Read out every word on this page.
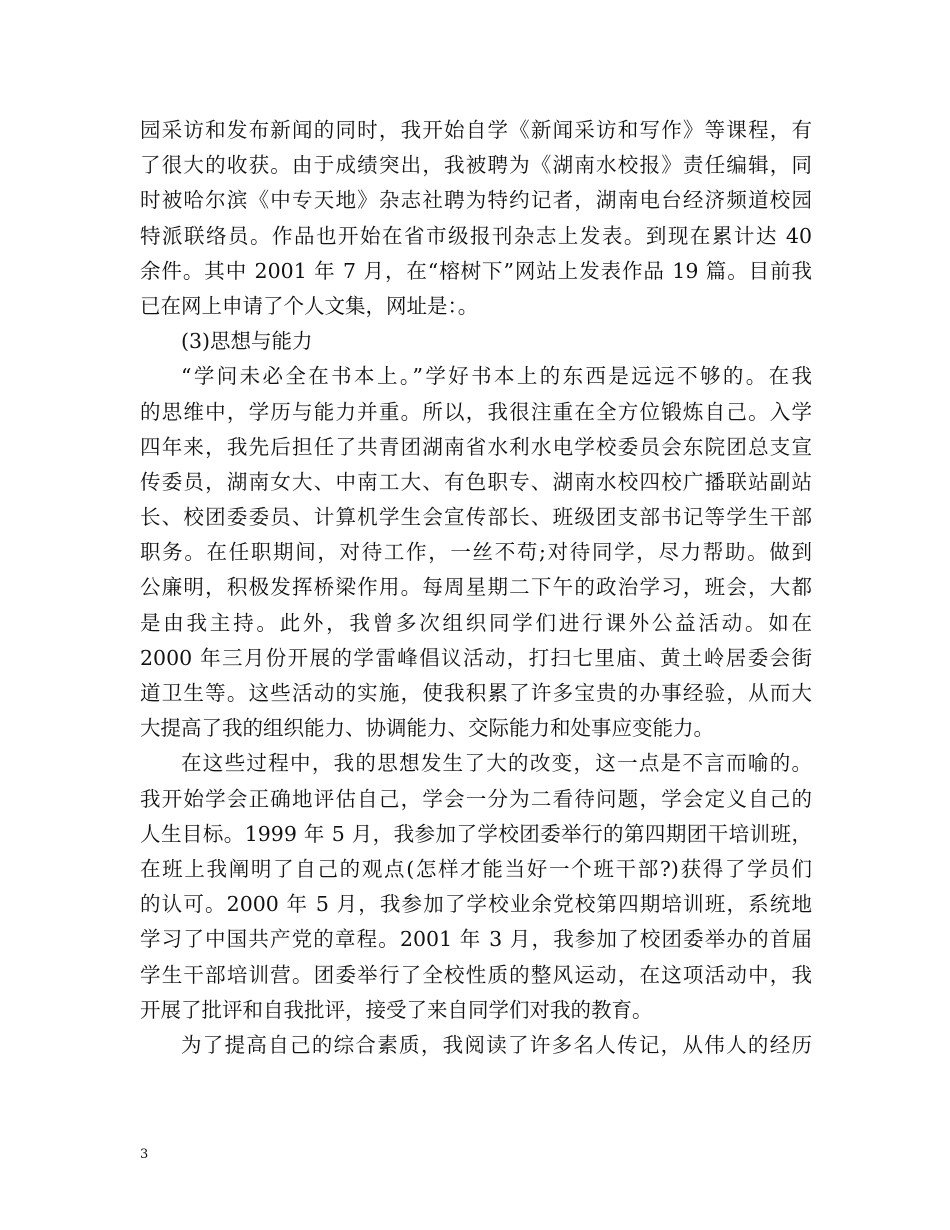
园采访和发布新闻的同时，我开始自学《新闻采访和写作》等课程，有
了很大的收获。由于成绩突出，我被聘为《湖南水校报》责任编辑，同
时被哈尔滨《中专天地》杂志社聘为特约记者，湖南电台经济频道校园
特派联络员。作品也开始在省市级报刊杂志上发表。到现在累计达 40
余件。其中 2001 年 7 月，在“榕树下”网站上发表作品 19 篇。目前我
已在网上申请了个人文集，网址是：。
(3)思想与能力
“学问未必全在书本上。”学好书本上的东西是远远不够的。在我
的思维中，学历与能力并重。所以，我很注重在全方位锻炼自己。入学
四年来，我先后担任了共青团湖南省水利水电学校委员会东院团总支宣
传委员，湖南女大、中南工大、有色职专、湖南水校四校广播联站副站
长、校团委委员、计算机学生会宣传部长、班级团支部书记等学生干部
职务。在任职期间，对待工作，一丝不苟;对待同学，尽力帮助。做到
公廉明，积极发挥桥梁作用。每周星期二下午的政治学习，班会，大都
是由我主持。此外，我曾多次组织同学们进行课外公益活动。如在
2000 年三月份开展的学雷峰倡议活动，打扫七里庙、黄土岭居委会街
道卫生等。这些活动的实施，使我积累了许多宝贵的办事经验，从而大
大提高了我的组织能力、协调能力、交际能力和处事应变能力。
在这些过程中，我的思想发生了大的改变，这一点是不言而喻的。
我开始学会正确地评估自己，学会一分为二看待问题，学会定义自己的
人生目标。1999 年 5 月，我参加了学校团委举行的第四期团干培训班，
在班上我阐明了自己的观点(怎样才能当好一个班干部?)获得了学员们
的认可。2000 年 5 月，我参加了学校业余党校第四期培训班，系统地
学习了中国共产党的章程。2001 年 3 月，我参加了校团委举办的首届
学生干部培训营。团委举行了全校性质的整风运动，在这项活动中，我
开展了批评和自我批评，接受了来自同学们对我的教育。
为了提高自己的综合素质，我阅读了许多名人传记，从伟人的经历
3
